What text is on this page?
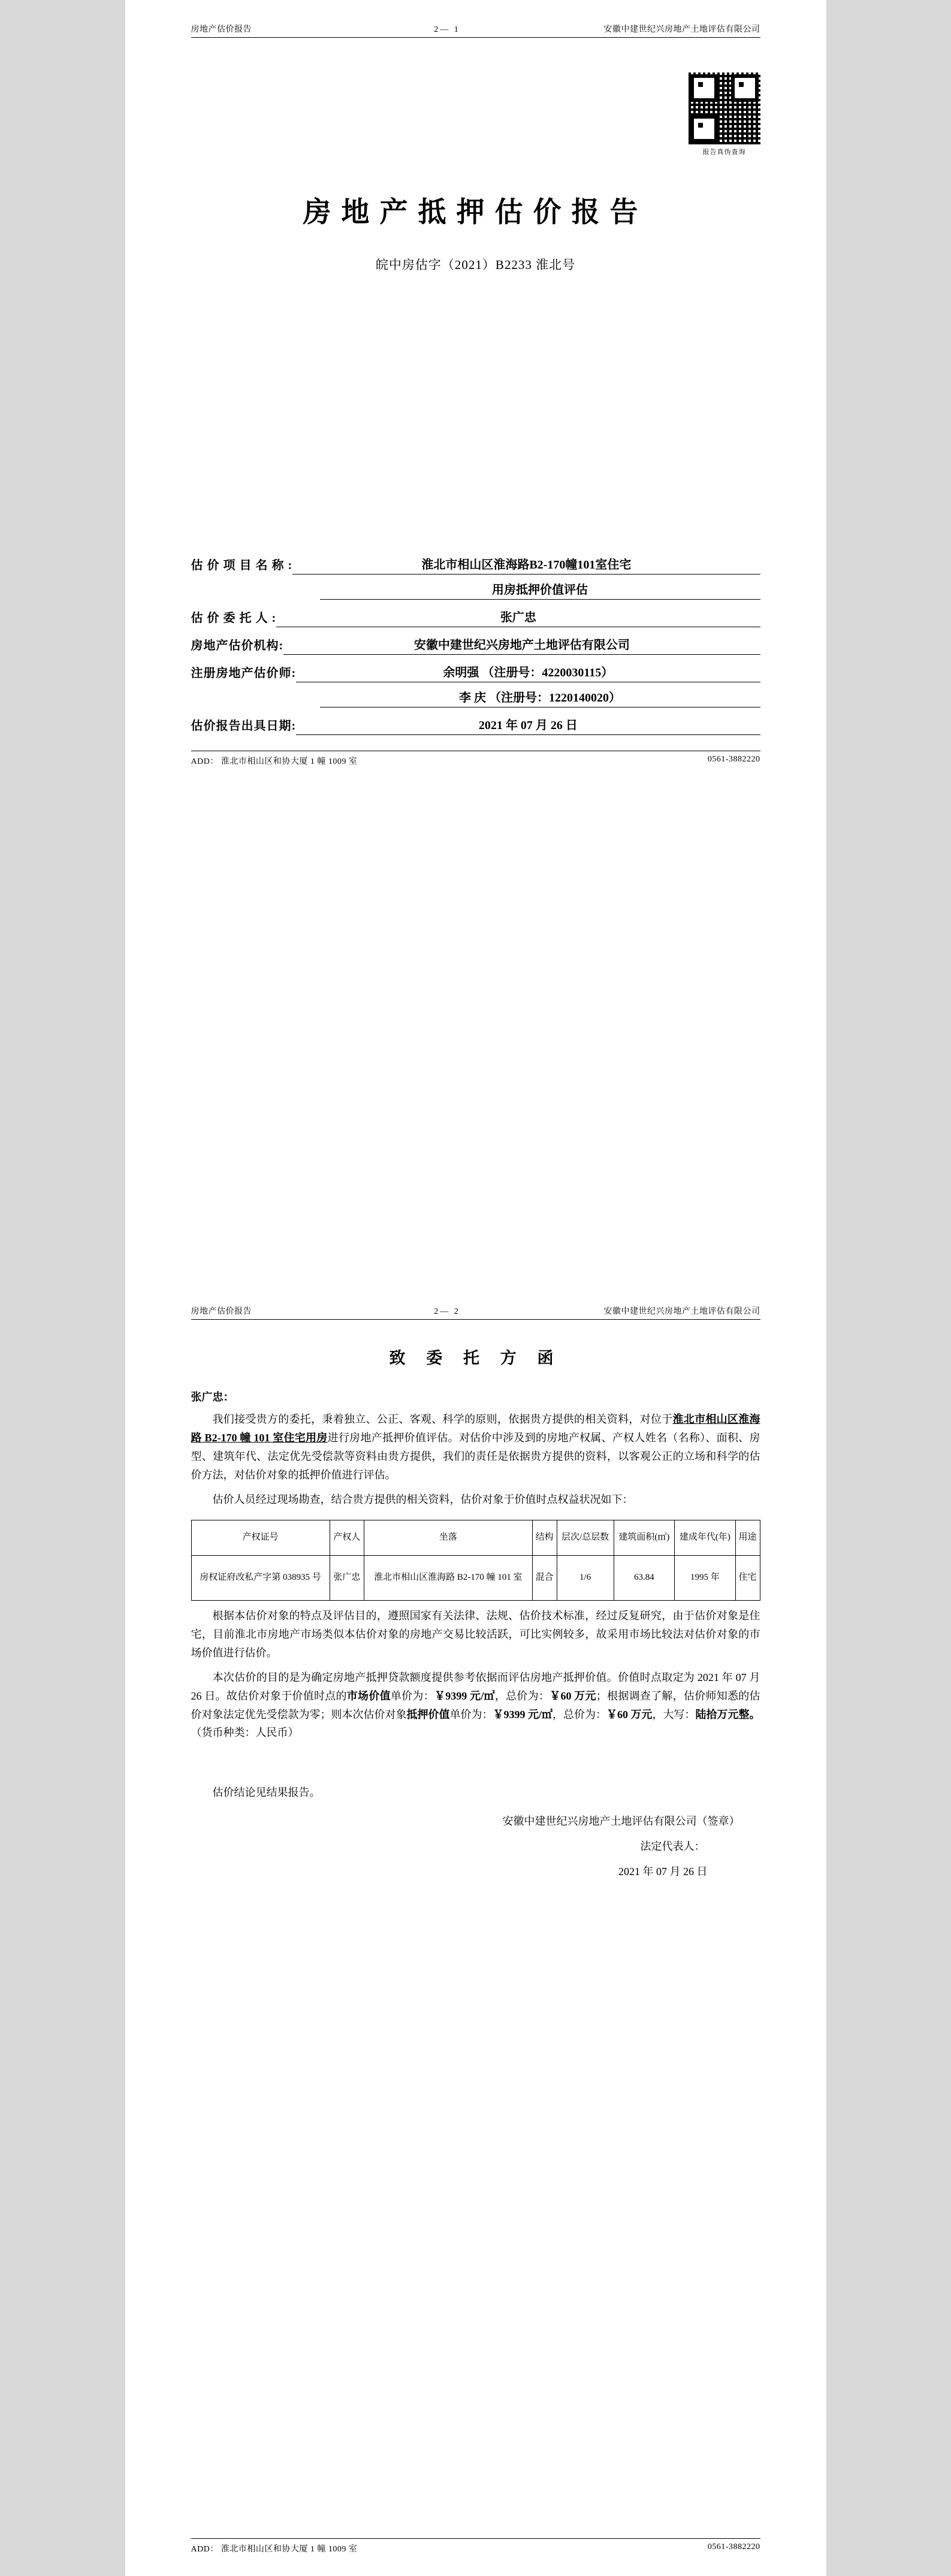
房地产估价报告	2— 1	安徽中建世纪兴房地产土地评估有限公司
报告真伪查询
房地产抵押估价报告
皖中房估字（2021）B2233 淮北号
估 价 项 目 名 称 :	淮北市相山区淮海路B2-170幢101室住宅
用房抵押价值评估
估 价 委 托 人 :	张广忠
房地产估价机构:	安徽中建世纪兴房地产土地评估有限公司
注册房地产估价师:	余明强 （注册号：4220030115）
李 庆 （注册号：1220140020）
估价报告出具日期:	2021 年 07 月 26 日
ADD： 淮北市相山区和协大厦 1 幢 1009 室	0561-3882220
房地产估价报告	2— 2	安徽中建世纪兴房地产土地评估有限公司
致 委 托 方 函
张广忠：

我们接受贵方的委托，秉着独立、公正、客观、科学的原则，依据贵方提供的相关资料，对位于淮北市相山区淮海路 B2-170 幢 101 室住宅用房进行房地产抵押价值评估。对估价中涉及到的房地产权属、产权人姓名（名称）、面积、房型、建筑年代、法定优先受偿款等资料由贵方提供，我们的责任是依据贵方提供的资料，以客观公正的立场和科学的估价方法，对估价对象的抵押价值进行评估。

估价人员经过现场勘查，结合贵方提供的相关资料，估价对象于价值时点权益状况如下：

产权证号	产权人	坐落	结构	层次/总层数	建筑面积(㎡)	建成年代(年)	用途
房权证府改私产字第 038935 号	张广忠	淮北市相山区淮海路 B2-170 幢 101 室	混合	1/6	63.84	1995 年	住宅

根据本估价对象的特点及评估目的，遵照国家有关法律、法规、估价技术标准，经过反复研究，由于估价对象是住宅，目前淮北市房地产市场类似本估价对象的房地产交易比较活跃，可比实例较多，故采用市场比较法对估价对象的市场价值进行估价。

本次估价的目的是为确定房地产抵押贷款额度提供参考依据而评估房地产抵押价值。价值时点取定为 2021 年 07 月 26 日。故估价对象于价值时点的市场价值单价为：￥9399 元/㎡，总价为：￥60 万元；根据调查了解，估价师知悉的估价对象法定优先受偿款为零；则本次估价对象抵押价值单价为：￥9399 元/㎡，总价为：￥60 万元，大写：陆拾万元整。（货币种类：人民币）

估价结论见结果报告。
安徽中建世纪兴房地产土地评估有限公司（签章）
法定代表人：
2021 年 07 月 26 日
ADD： 淮北市相山区和协大厦 1 幢 1009 室	0561-3882220
